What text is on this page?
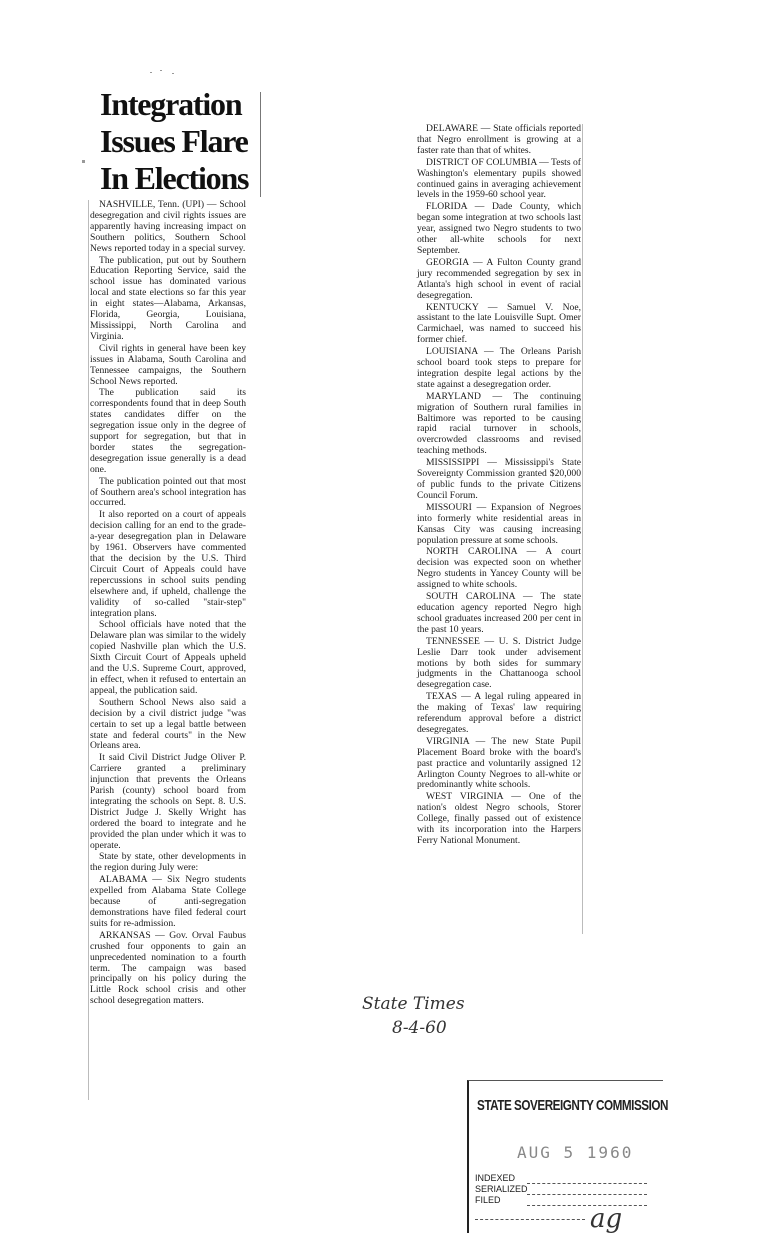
Integration
Issues Flare
In Elections

NASHVILLE, Tenn. (UPI) — School desegregation and civil rights issues are apparently having increasing impact on Southern politics, Southern School News reported today in a special survey.

The publication, put out by Southern Education Reporting Service, said the school issue has dominated various local and state elections so far this year in eight states—Alabama, Arkansas, Florida, Georgia, Louisiana, Mississippi, North Carolina and Virginia.

Civil rights in general have been key issues in Alabama, South Carolina and Tennessee campaigns, the Southern School News reported.

The publication said its correspondents found that in deep South states candidates differ on the segregation issue only in the degree of support for segregation, but that in border states the segregation-desegregation issue generally is a dead one.

The publication pointed out that most of Southern area's school integration has occurred.

It also reported on a court of appeals decision calling for an end to the grade-a-year desegregation plan in Delaware by 1961. Observers have commented that the decision by the U.S. Third Circuit Court of Appeals could have repercussions in school suits pending elsewhere and, if upheld, challenge the validity of so-called "stair-step" integration plans.

School officials have noted that the Delaware plan was similar to the widely copied Nashville plan which the U.S. Sixth Circuit Court of Appeals upheld and the U.S. Supreme Court, approved, in effect, when it refused to entertain an appeal, the publication said.

Southern School News also said a decision by a civil district judge "was certain to set up a legal battle between state and federal courts" in the New Orleans area.

It said Civil District Judge Oliver P. Carriere granted a preliminary injunction that prevents the Orleans Parish (county) school board from integrating the schools on Sept. 8. U.S. District Judge J. Skelly Wright has ordered the board to integrate and he provided the plan under which it was to operate.

State by state, other developments in the region during July were:

ALABAMA — Six Negro students expelled from Alabama State College because of anti-segregation demonstrations have filed federal court suits for re-admission.

ARKANSAS — Gov. Orval Faubus crushed four opponents to gain an unprecedented nomination to a fourth term. The campaign was based principally on his policy during the Little Rock school crisis and other school desegregation matters.

DELAWARE — State officials reported that Negro enrollment is growing at a faster rate than that of whites.

DISTRICT OF COLUMBIA — Tests of Washington's elementary pupils showed continued gains in averaging achievement levels in the 1959-60 school year.

FLORIDA — Dade County, which began some integration at two schools last year, assigned two Negro students to two other all-white schools for next September.

GEORGIA — A Fulton County grand jury recommended segregation by sex in Atlanta's high school in event of racial desegregation.

KENTUCKY — Samuel V. Noe, assistant to the late Louisville Supt. Omer Carmichael, was named to succeed his former chief.

LOUISIANA — The Orleans Parish school board took steps to prepare for integration despite legal actions by the state against a desegregation order.

MARYLAND — The continuing migration of Southern rural families in Baltimore was reported to be causing rapid racial turnover in schools, overcrowded classrooms and revised teaching methods.

MISSISSIPPI — Mississippi's State Sovereignty Commission granted $20,000 of public funds to the private Citizens Council Forum.

MISSOURI — Expansion of Negroes into formerly white residential areas in Kansas City was causing increasing population pressure at some schools.

NORTH CAROLINA — A court decision was expected soon on whether Negro students in Yancey County will be assigned to white schools.

SOUTH CAROLINA — The state education agency reported Negro high school graduates increased 200 per cent in the past 10 years.

TENNESSEE — U. S. District Judge Leslie Darr took under advisement motions by both sides for summary judgments in the Chattanooga school desegregation case.

TEXAS — A legal ruling appeared in the making of Texas' law requiring referendum approval before a district desegregates.

VIRGINIA — The new State Pupil Placement Board broke with the board's past practice and voluntarily assigned 12 Arlington County Negroes to all-white or predominantly white schools.

WEST VIRGINIA — One of the nation's oldest Negro schools, Storer College, finally passed out of existence with its incorporation into the Harpers Ferry National Monument.

State Times
8-4-60
STATE SOVEREIGNTY COMMISSION
AUG 5 1960
INDEXED
SERIALIZED
FILED
ag
